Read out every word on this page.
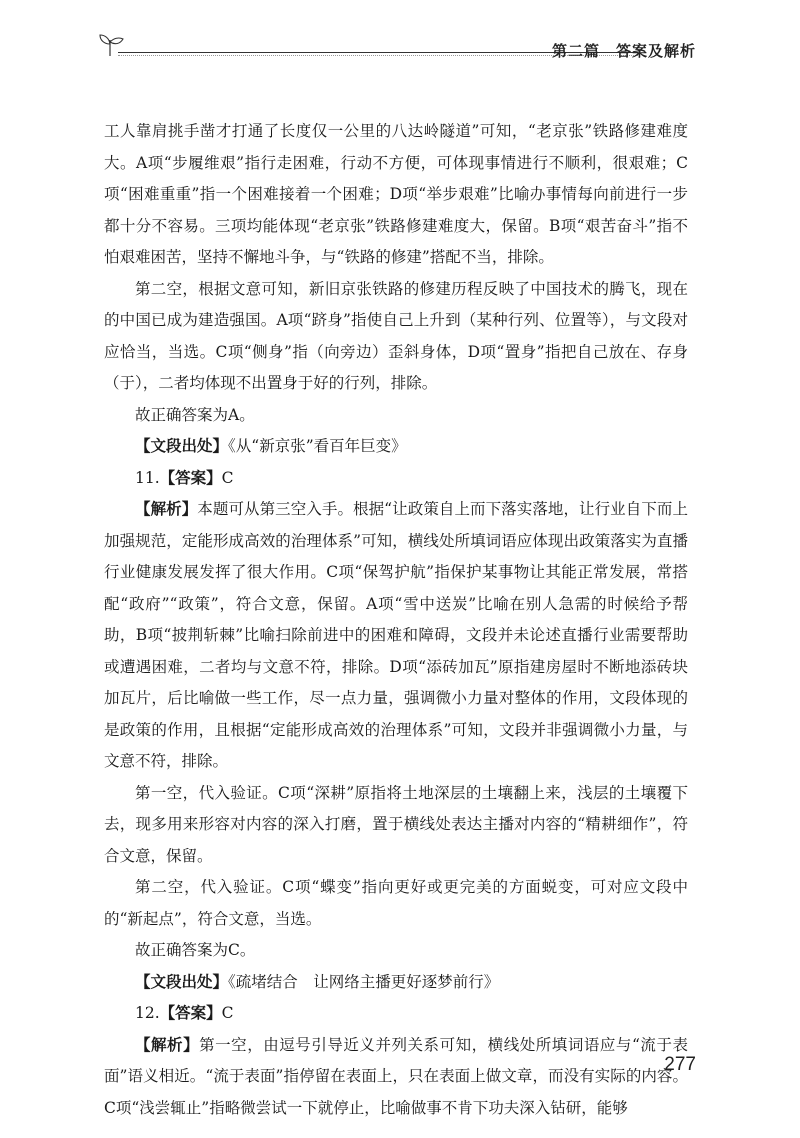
第二篇　答案及解析

工人靠肩挑手凿才打通了长度仅一公里的八达岭隧道”可知，“老京张”铁路修建难度大。A项“步履维艰”指行走困难，行动不方便，可体现事情进行不顺利，很艰难；C项“困难重重”指一个困难接着一个困难；D项“举步艰难”比喻办事情每向前进行一步都十分不容易。三项均能体现“老京张”铁路修建难度大，保留。B项“艰苦奋斗”指不怕艰难困苦，坚持不懈地斗争，与“铁路的修建”搭配不当，排除。

第二空，根据文意可知，新旧京张铁路的修建历程反映了中国技术的腾飞，现在的中国已成为建造强国。A项“跻身”指使自己上升到（某种行列、位置等），与文段对应恰当，当选。C项“侧身”指（向旁边）歪斜身体，D项“置身”指把自己放在、存身（于），二者均体现不出置身于好的行列，排除。

故正确答案为A。

【文段出处】《从“新京张”看百年巨变》

11.【答案】C

【解析】本题可从第三空入手。根据“让政策自上而下落实落地，让行业自下而上加强规范，定能形成高效的治理体系”可知，横线处所填词语应体现出政策落实为直播行业健康发展发挥了很大作用。C项“保驾护航”指保护某事物让其能正常发展，常搭配“政府”“政策”，符合文意，保留。A项“雪中送炭”比喻在别人急需的时候给予帮助，B项“披荆斩棘”比喻扫除前进中的困难和障碍，文段并未论述直播行业需要帮助或遭遇困难，二者均与文意不符，排除。D项“添砖加瓦”原指建房屋时不断地添砖块加瓦片，后比喻做一些工作，尽一点力量，强调微小力量对整体的作用，文段体现的是政策的作用，且根据“定能形成高效的治理体系”可知，文段并非强调微小力量，与文意不符，排除。

第一空，代入验证。C项“深耕”原指将土地深层的土壤翻上来，浅层的土壤覆下去，现多用来形容对内容的深入打磨，置于横线处表达主播对内容的“精耕细作”，符合文意，保留。

第二空，代入验证。C项“蝶变”指向更好或更完美的方面蜕变，可对应文段中的“新起点”，符合文意，当选。

故正确答案为C。

【文段出处】《疏堵结合　让网络主播更好逐梦前行》

12.【答案】C

【解析】第一空，由逗号引导近义并列关系可知，横线处所填词语应与“流于表面”语义相近。“流于表面”指停留在表面上，只在表面上做文章，而没有实际的内容。C项“浅尝辄止”指略微尝试一下就停止，比喻做事不肯下功夫深入钻研，能够

277
